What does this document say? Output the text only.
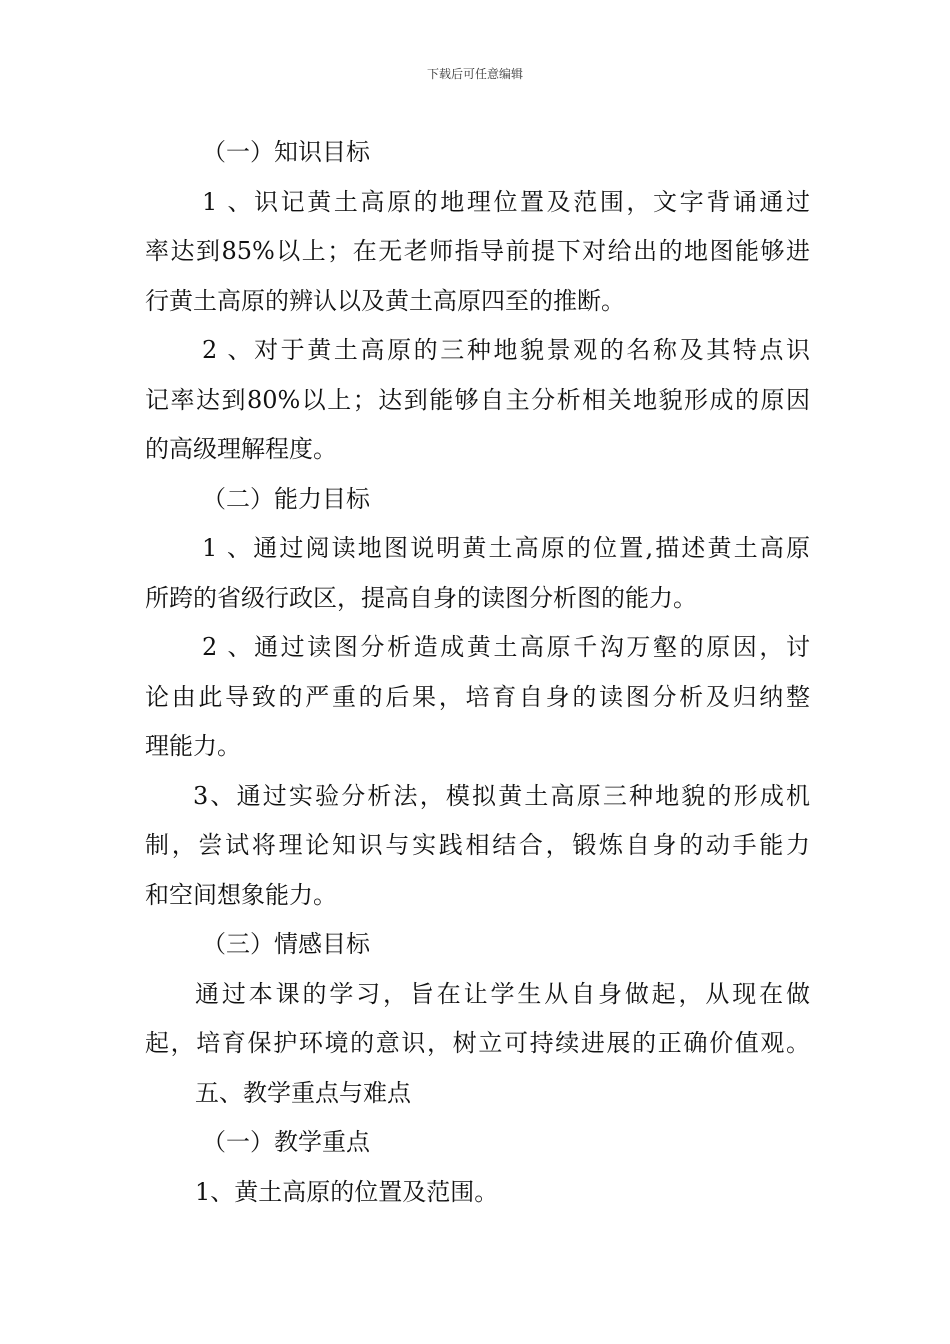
下载后可任意编辑
（一）知识目标
1 、识记黄土高原的地理位置及范围，文字背诵通过
率达到85%以上；在无老师指导前提下对给出的地图能够进
行黄土高原的辨认以及黄土高原四至的推断。
2 、对于黄土高原的三种地貌景观的名称及其特点识
记率达到80%以上；达到能够自主分析相关地貌形成的原因
的高级理解程度。
（二）能力目标
1 、通过阅读地图说明黄土高原的位置,描述黄土高原
所跨的省级行政区，提高自身的读图分析图的能力。
2 、通过读图分析造成黄土高原千沟万壑的原因，讨
论由此导致的严重的后果，培育自身的读图分析及归纳整
理能力。
3、通过实验分析法，模拟黄土高原三种地貌的形成机
制，尝试将理论知识与实践相结合，锻炼自身的动手能力
和空间想象能力。
（三）情感目标
通过本课的学习，旨在让学生从自身做起，从现在做
起，培育保护环境的意识，树立可持续进展的正确价值观。
五、教学重点与难点
（一）教学重点
1、黄土高原的位置及范围。
